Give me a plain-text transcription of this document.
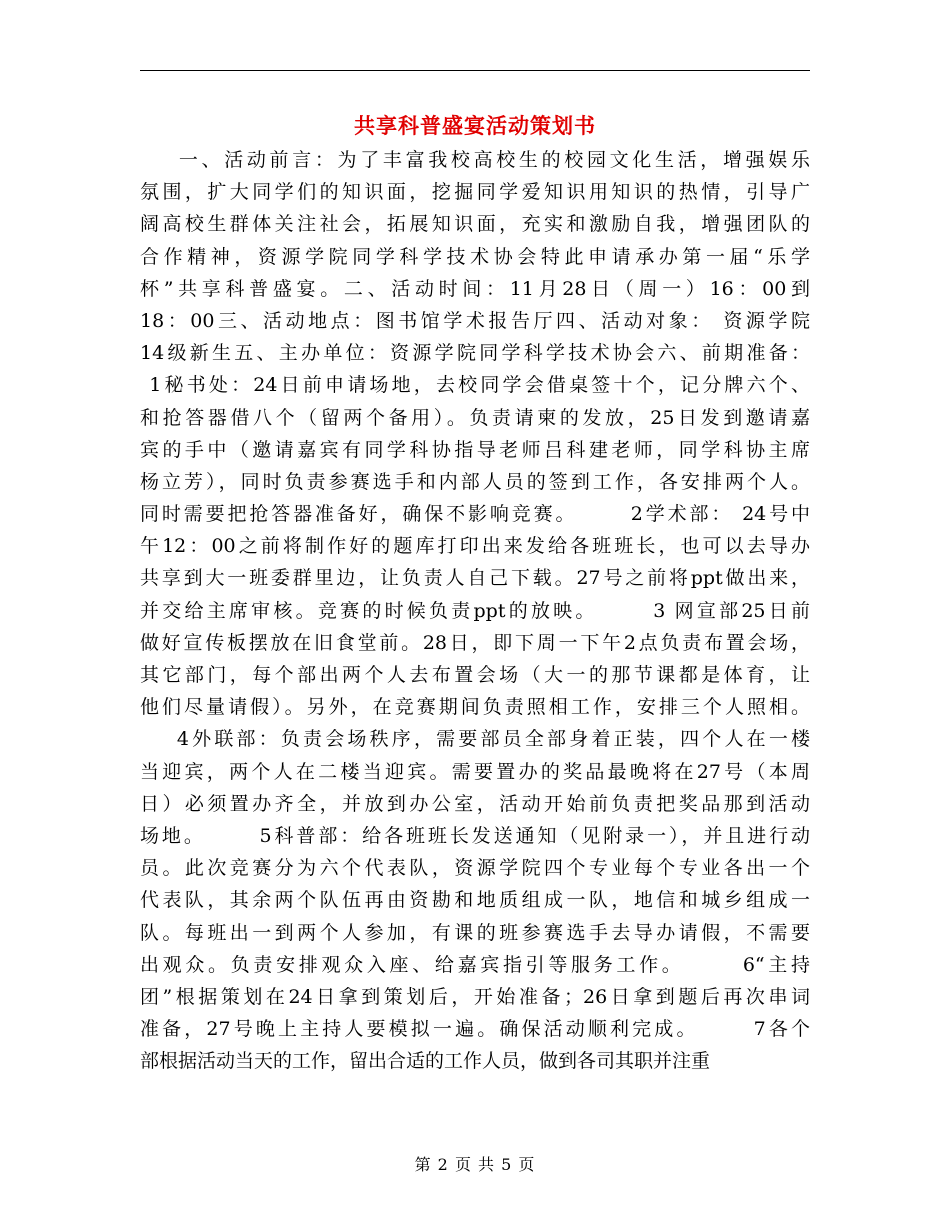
共享科普盛宴活动策划书
一、活动前言：为了丰富我校高校生的校园文化生活，增强娱乐
氛围，扩大同学们的知识面，挖掘同学爱知识用知识的热情，引导广
阔高校生群体关注社会，拓展知识面，充实和激励自我，增强团队的
合作精神，资源学院同学科学技术协会特此申请承办第一届“乐学
杯”共享科普盛宴。二、活动时间：11月28日（周一）16：00到
18：00三、活动地点：图书馆学术报告厅四、活动对象： 资源学院
14级新生五、主办单位：资源学院同学科学技术协会六、前期准备：
1秘书处：24日前申请场地，去校同学会借桌签十个，记分牌六个、
和抢答器借八个（留两个备用）。负责请柬的发放，25日发到邀请嘉
宾的手中（邀请嘉宾有同学科协指导老师吕科建老师，同学科协主席
杨立芳），同时负责参赛选手和内部人员的签到工作，各安排两个人。
同时需要把抢答器准备好，确保不影响竞赛。      2学术部： 24号中
午12：00之前将制作好的题库打印出来发给各班班长，也可以去导办
共享到大一班委群里边，让负责人自己下载。27号之前将ppt做出来，
并交给主席审核。竞赛的时候负责ppt的放映。      3 网宣部25日前
做好宣传板摆放在旧食堂前。28日，即下周一下午2点负责布置会场，
其它部门，每个部出两个人去布置会场（大一的那节课都是体育，让
他们尽量请假）。另外，在竞赛期间负责照相工作，安排三个人照相。
4外联部：负责会场秩序，需要部员全部身着正装，四个人在一楼
当迎宾，两个人在二楼当迎宾。需要置办的奖品最晚将在27号（本周
日）必须置办齐全，并放到办公室，活动开始前负责把奖品那到活动
场地。      5科普部：给各班班长发送通知（见附录一），并且进行动
员。此次竞赛分为六个代表队，资源学院四个专业每个专业各出一个
代表队，其余两个队伍再由资勘和地质组成一队，地信和城乡组成一
队。每班出一到两个人参加，有课的班参赛选手去导办请假，不需要
出观众。负责安排观众入座、给嘉宾指引等服务工作。      6“主持
团”根据策划在24日拿到策划后，开始准备；26日拿到题后再次串词
准备，27号晚上主持人要模拟一遍。确保活动顺利完成。      7各个
部根据活动当天的工作，留出合适的工作人员，做到各司其职并注重
第 2 页 共 5 页
